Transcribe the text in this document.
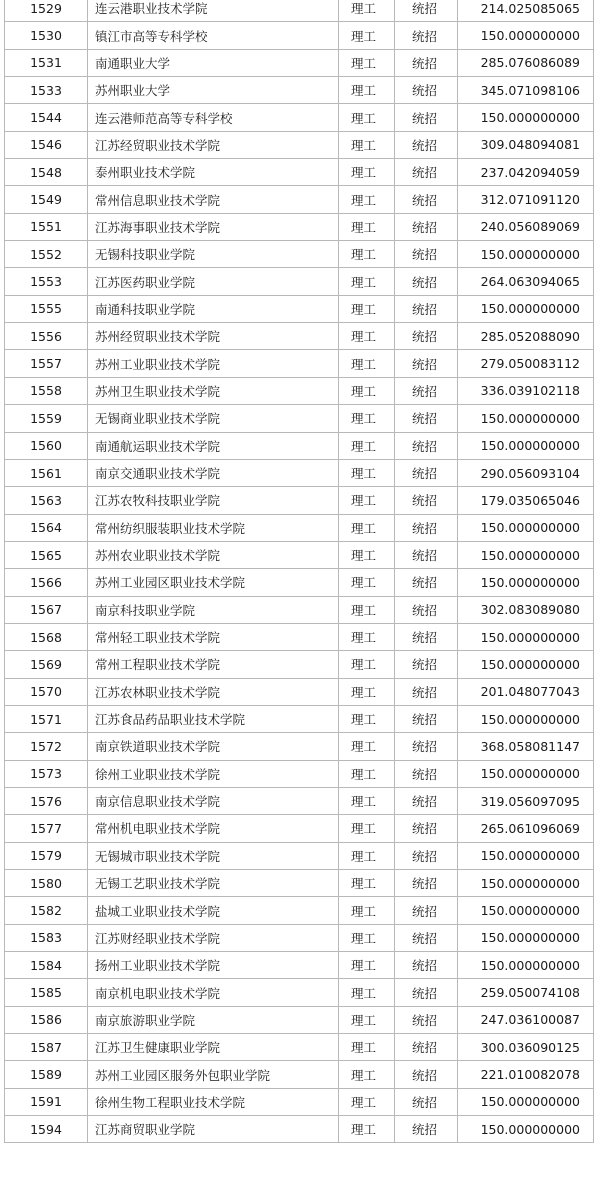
1529	连云港职业技术学院	理工	统招	214.025085065
1530	镇江市高等专科学校	理工	统招	150.000000000
1531	南通职业大学	理工	统招	285.076086089
1533	苏州职业大学	理工	统招	345.071098106
1544	连云港师范高等专科学校	理工	统招	150.000000000
1546	江苏经贸职业技术学院	理工	统招	309.048094081
1548	泰州职业技术学院	理工	统招	237.042094059
1549	常州信息职业技术学院	理工	统招	312.071091120
1551	江苏海事职业技术学院	理工	统招	240.056089069
1552	无锡科技职业学院	理工	统招	150.000000000
1553	江苏医药职业学院	理工	统招	264.063094065
1555	南通科技职业学院	理工	统招	150.000000000
1556	苏州经贸职业技术学院	理工	统招	285.052088090
1557	苏州工业职业技术学院	理工	统招	279.050083112
1558	苏州卫生职业技术学院	理工	统招	336.039102118
1559	无锡商业职业技术学院	理工	统招	150.000000000
1560	南通航运职业技术学院	理工	统招	150.000000000
1561	南京交通职业技术学院	理工	统招	290.056093104
1563	江苏农牧科技职业学院	理工	统招	179.035065046
1564	常州纺织服装职业技术学院	理工	统招	150.000000000
1565	苏州农业职业技术学院	理工	统招	150.000000000
1566	苏州工业园区职业技术学院	理工	统招	150.000000000
1567	南京科技职业学院	理工	统招	302.083089080
1568	常州轻工职业技术学院	理工	统招	150.000000000
1569	常州工程职业技术学院	理工	统招	150.000000000
1570	江苏农林职业技术学院	理工	统招	201.048077043
1571	江苏食品药品职业技术学院	理工	统招	150.000000000
1572	南京铁道职业技术学院	理工	统招	368.058081147
1573	徐州工业职业技术学院	理工	统招	150.000000000
1576	南京信息职业技术学院	理工	统招	319.056097095
1577	常州机电职业技术学院	理工	统招	265.061096069
1579	无锡城市职业技术学院	理工	统招	150.000000000
1580	无锡工艺职业技术学院	理工	统招	150.000000000
1582	盐城工业职业技术学院	理工	统招	150.000000000
1583	江苏财经职业技术学院	理工	统招	150.000000000
1584	扬州工业职业技术学院	理工	统招	150.000000000
1585	南京机电职业技术学院	理工	统招	259.050074108
1586	南京旅游职业学院	理工	统招	247.036100087
1587	江苏卫生健康职业学院	理工	统招	300.036090125
1589	苏州工业园区服务外包职业学院	理工	统招	221.010082078
1591	徐州生物工程职业技术学院	理工	统招	150.000000000
1594	江苏商贸职业学院	理工	统招	150.000000000
